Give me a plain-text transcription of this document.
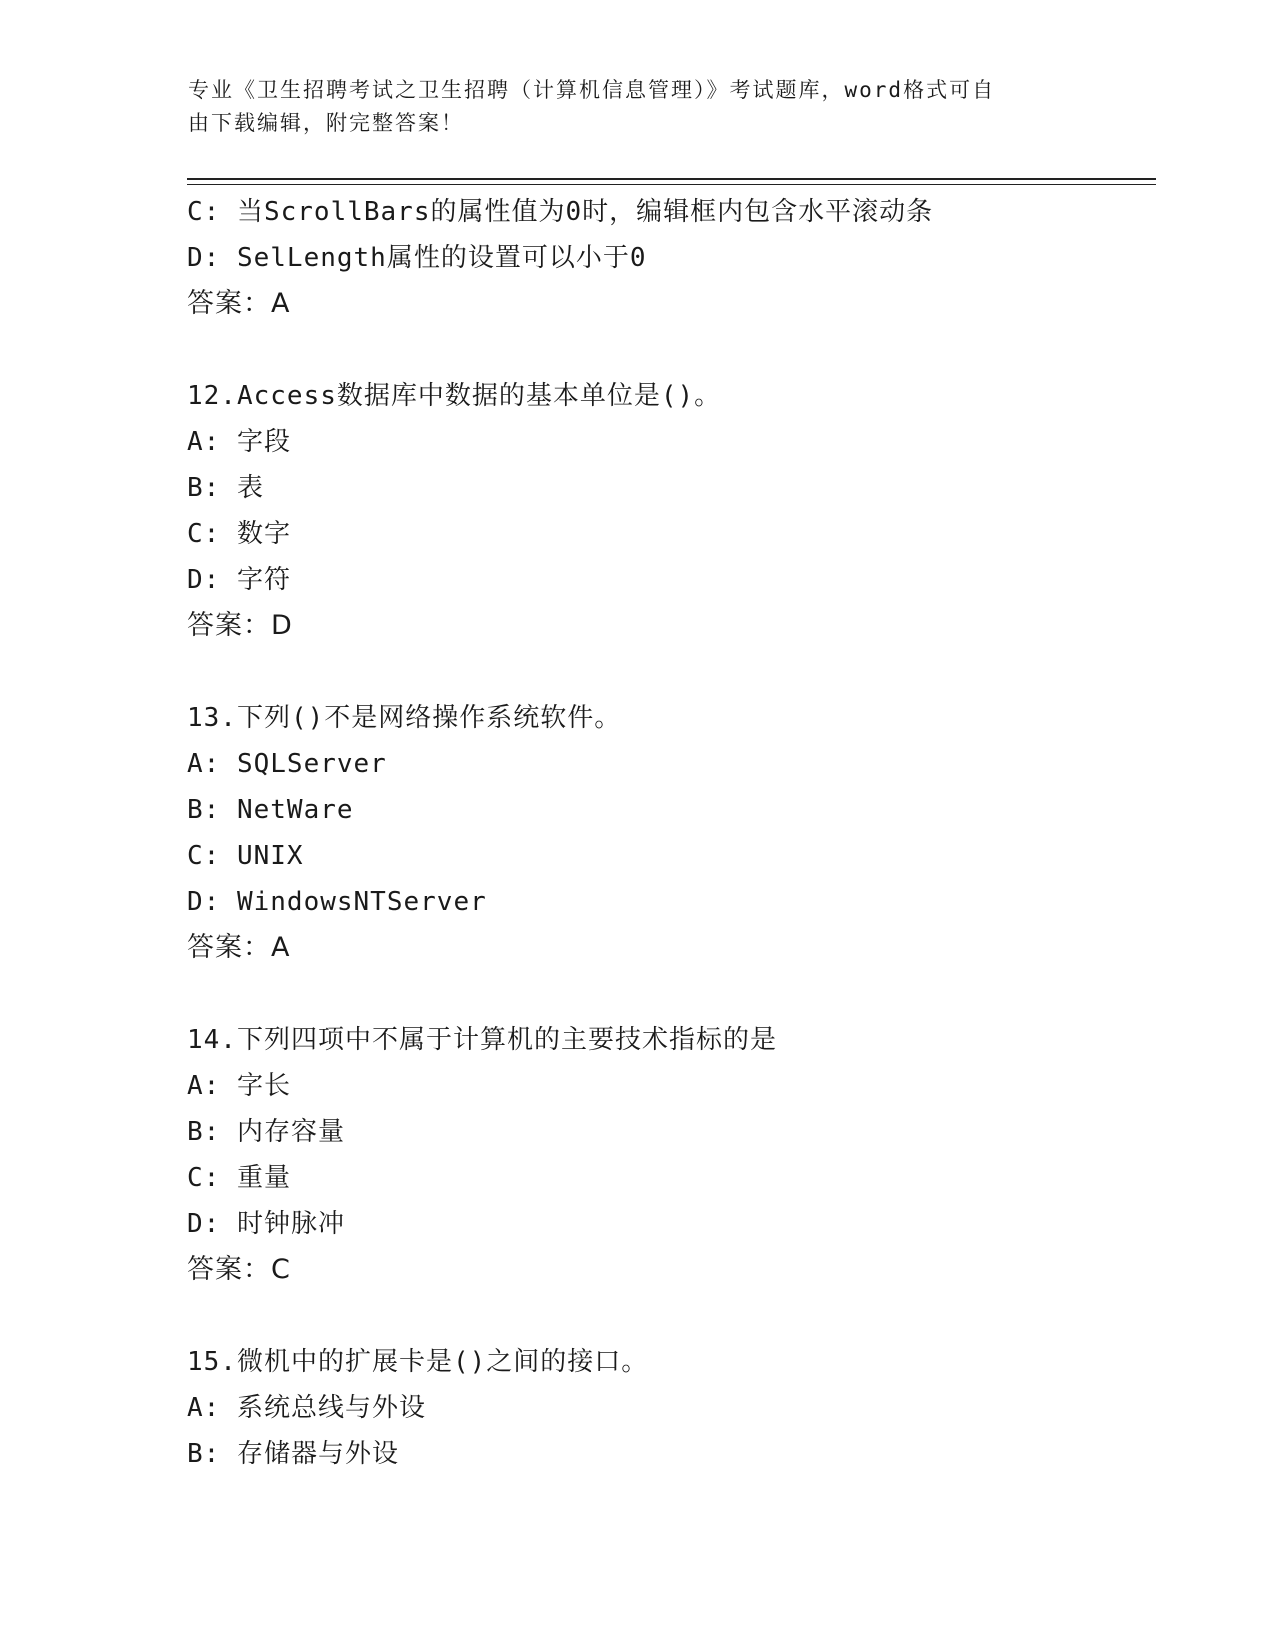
专业《卫生招聘考试之卫生招聘（计算机信息管理）》考试题库，word格式可自
由下载编辑，附完整答案！
C: 当ScrollBars的属性值为0时，编辑框内包含水平滚动条
D: SelLength属性的设置可以小于0
答案：A
12.Access数据库中数据的基本单位是()。
A: 字段
B: 表
C: 数字
D: 字符
答案：D
13.下列()不是网络操作系统软件。
A: SQLServer
B: NetWare
C: UNIX
D: WindowsNTServer
答案：A
14.下列四项中不属于计算机的主要技术指标的是
A: 字长
B: 内存容量
C: 重量
D: 时钟脉冲
答案：C
15.微机中的扩展卡是()之间的接口。
A: 系统总线与外设
B: 存储器与外设
